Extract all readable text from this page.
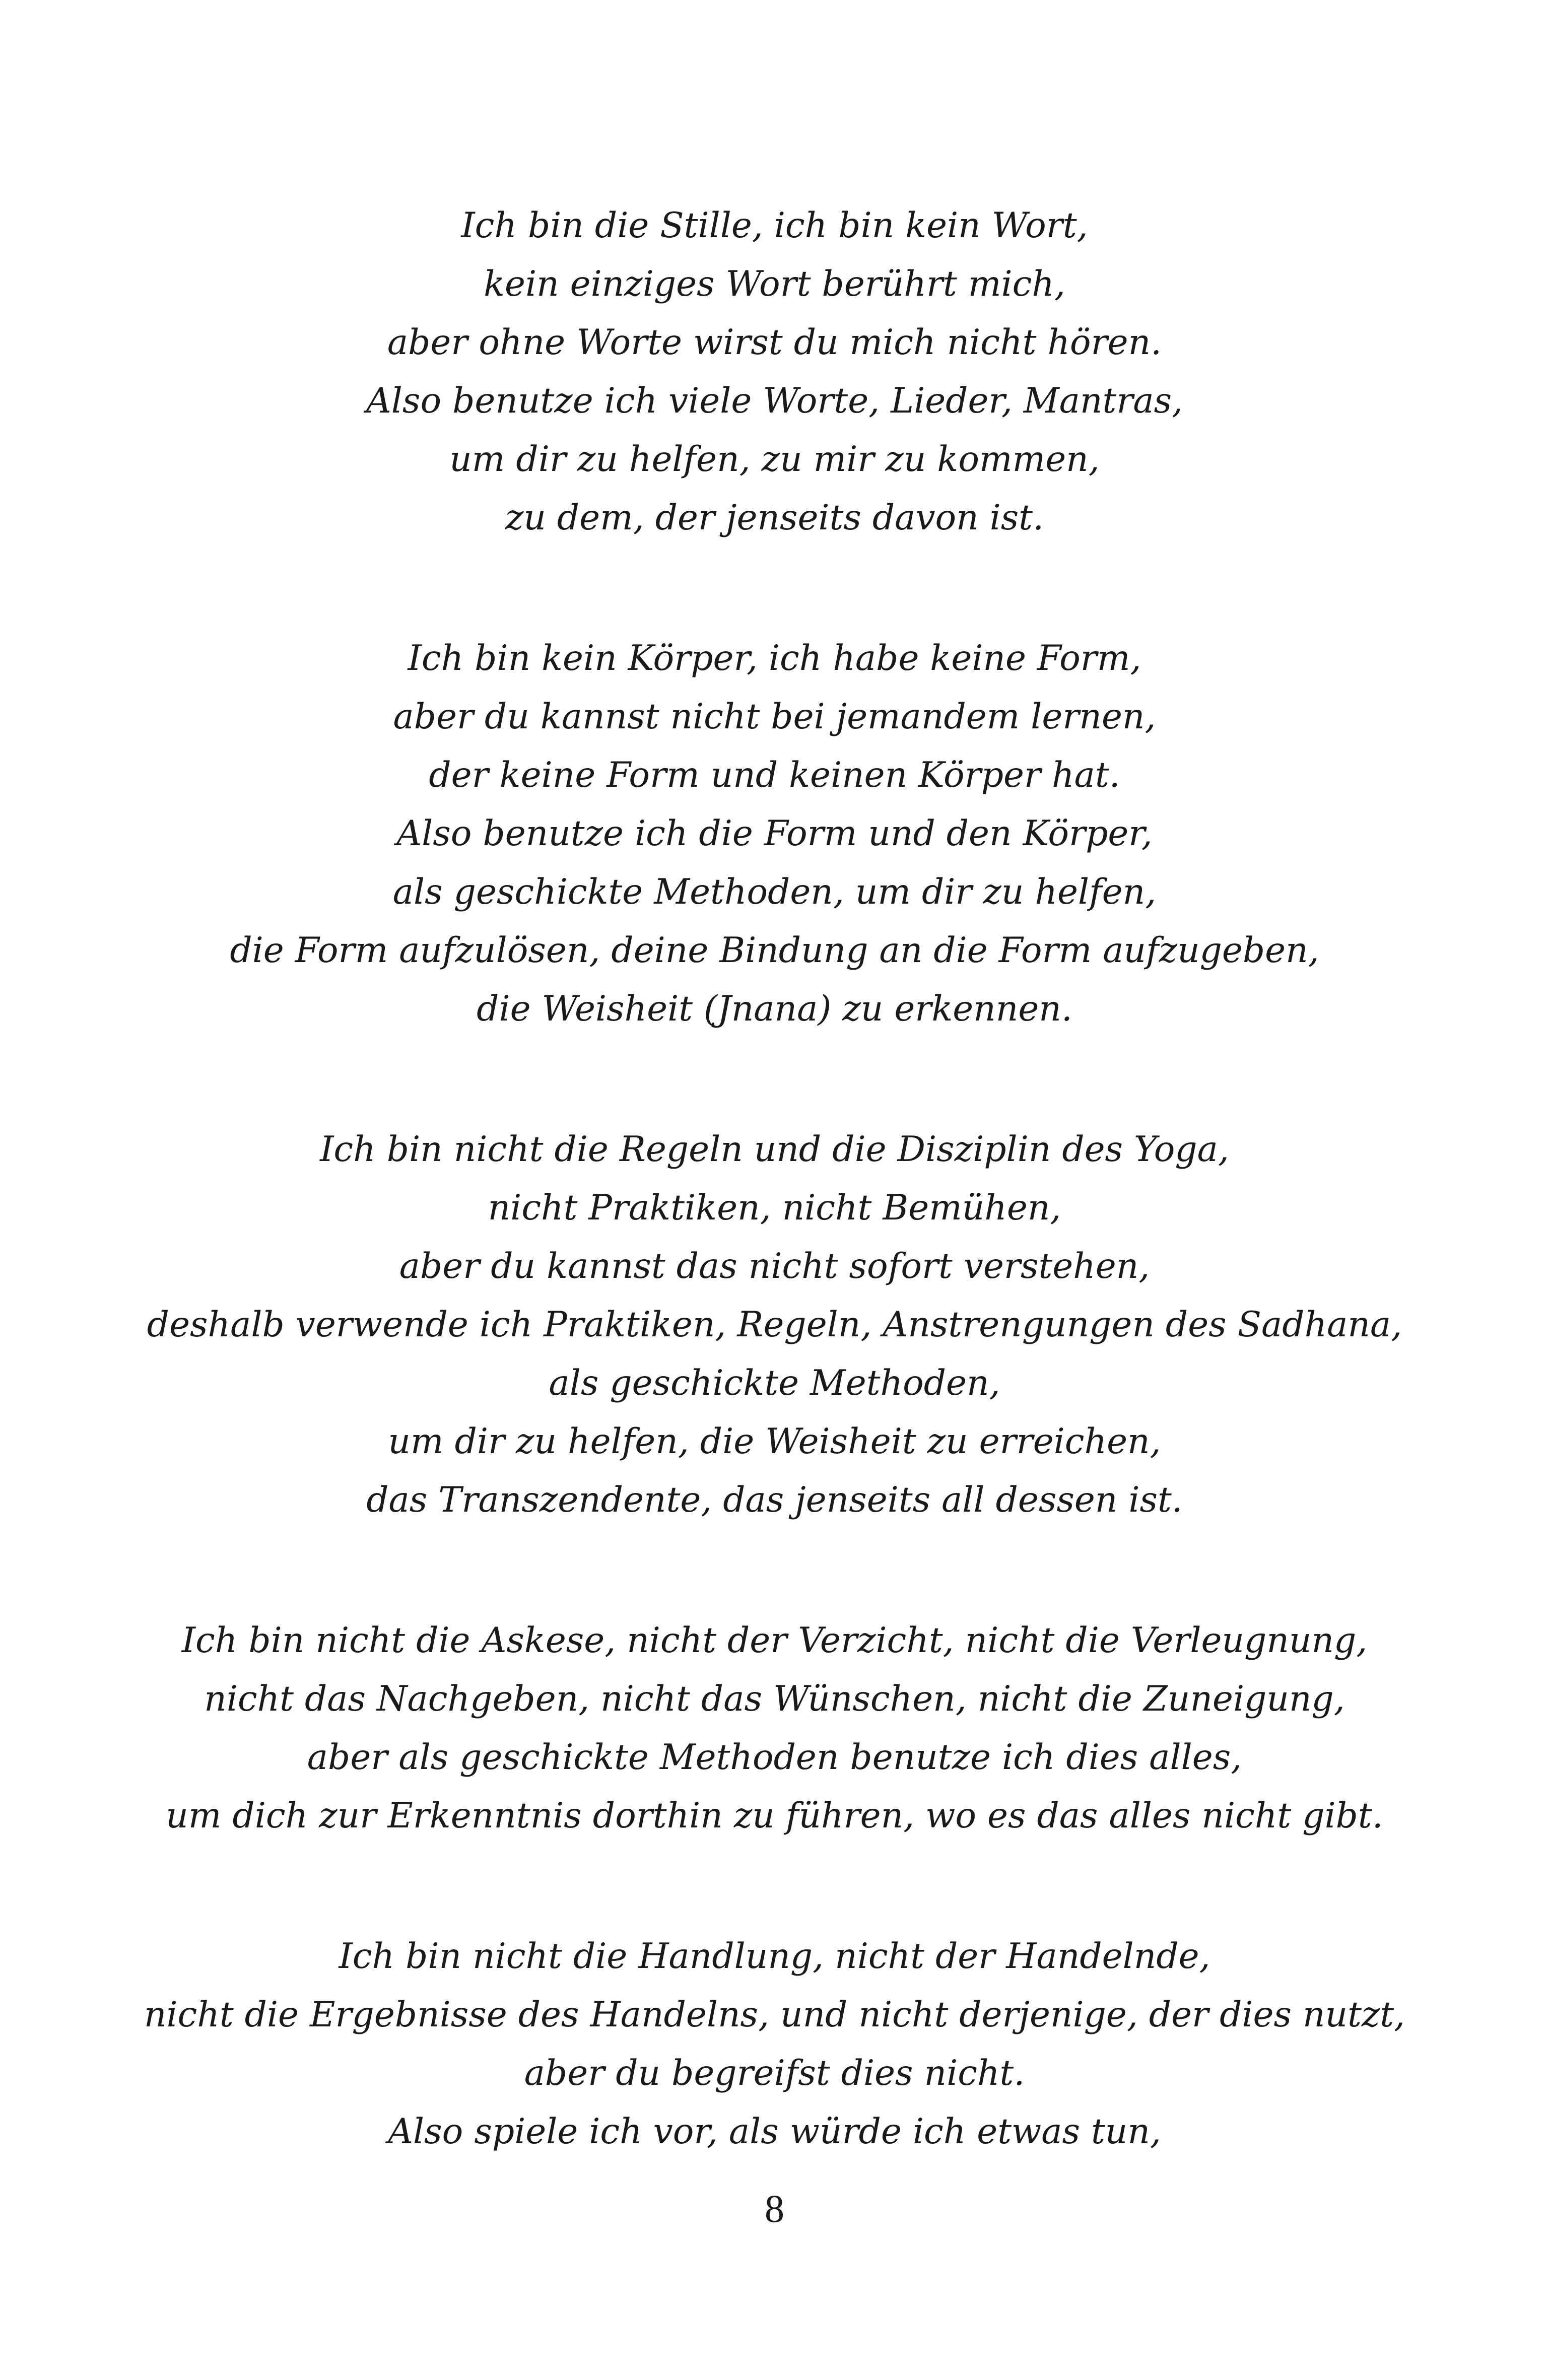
Ich bin die Stille, ich bin kein Wort,
kein einziges Wort berührt mich,
aber ohne Worte wirst du mich nicht hören.
Also benutze ich viele Worte, Lieder, Mantras,
um dir zu helfen, zu mir zu kommen,
zu dem, der jenseits davon ist.
Ich bin kein Körper, ich habe keine Form,
aber du kannst nicht bei jemandem lernen,
der keine Form und keinen Körper hat.
Also benutze ich die Form und den Körper,
als geschickte Methoden, um dir zu helfen,
die Form aufzulösen, deine Bindung an die Form aufzugeben,
die Weisheit (Jnana) zu erkennen.
Ich bin nicht die Regeln und die Disziplin des Yoga,
nicht Praktiken, nicht Bemühen,
aber du kannst das nicht sofort verstehen,
deshalb verwende ich Praktiken, Regeln, Anstrengungen des Sadhana,
als geschickte Methoden,
um dir zu helfen, die Weisheit zu erreichen,
das Transzendente, das jenseits all dessen ist.
Ich bin nicht die Askese, nicht der Verzicht, nicht die Verleugnung,
nicht das Nachgeben, nicht das Wünschen, nicht die Zuneigung,
aber als geschickte Methoden benutze ich dies alles,
um dich zur Erkenntnis dorthin zu führen, wo es das alles nicht gibt.
Ich bin nicht die Handlung, nicht der Handelnde,
nicht die Ergebnisse des Handelns, und nicht derjenige, der dies nutzt,
aber du begreifst dies nicht.
Also spiele ich vor, als würde ich etwas tun,
8
